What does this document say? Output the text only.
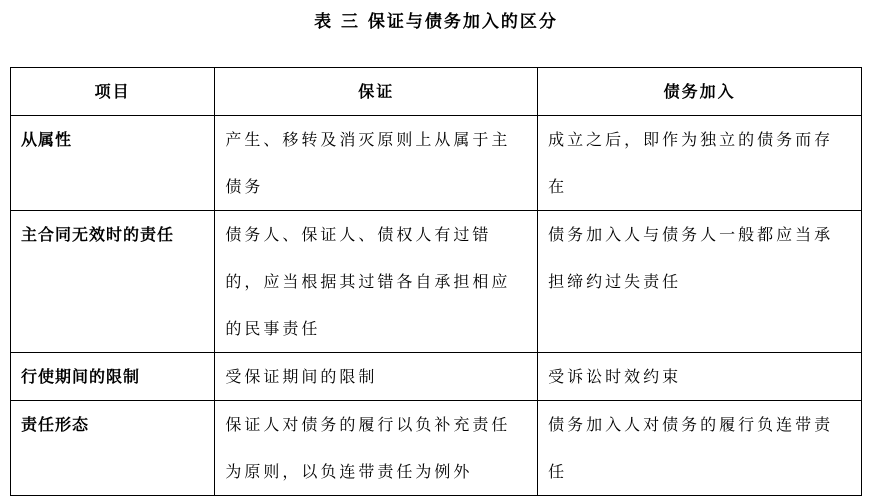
表 三 保证与债务加入的区分
项目	保证	债务加入
从属性	产生、移转及消灭原则上从属于主债务	成立之后，即作为独立的债务而存在
主合同无效时的责任	债务人、保证人、债权人有过错的，应当根据其过错各自承担相应的民事责任	债务加入人与债务人一般都应当承担缔约过失责任
行使期间的限制	受保证期间的限制	受诉讼时效约束
责任形态	保证人对债务的履行以负补充责任为原则，以负连带责任为例外	债务加入人对债务的履行负连带责任
